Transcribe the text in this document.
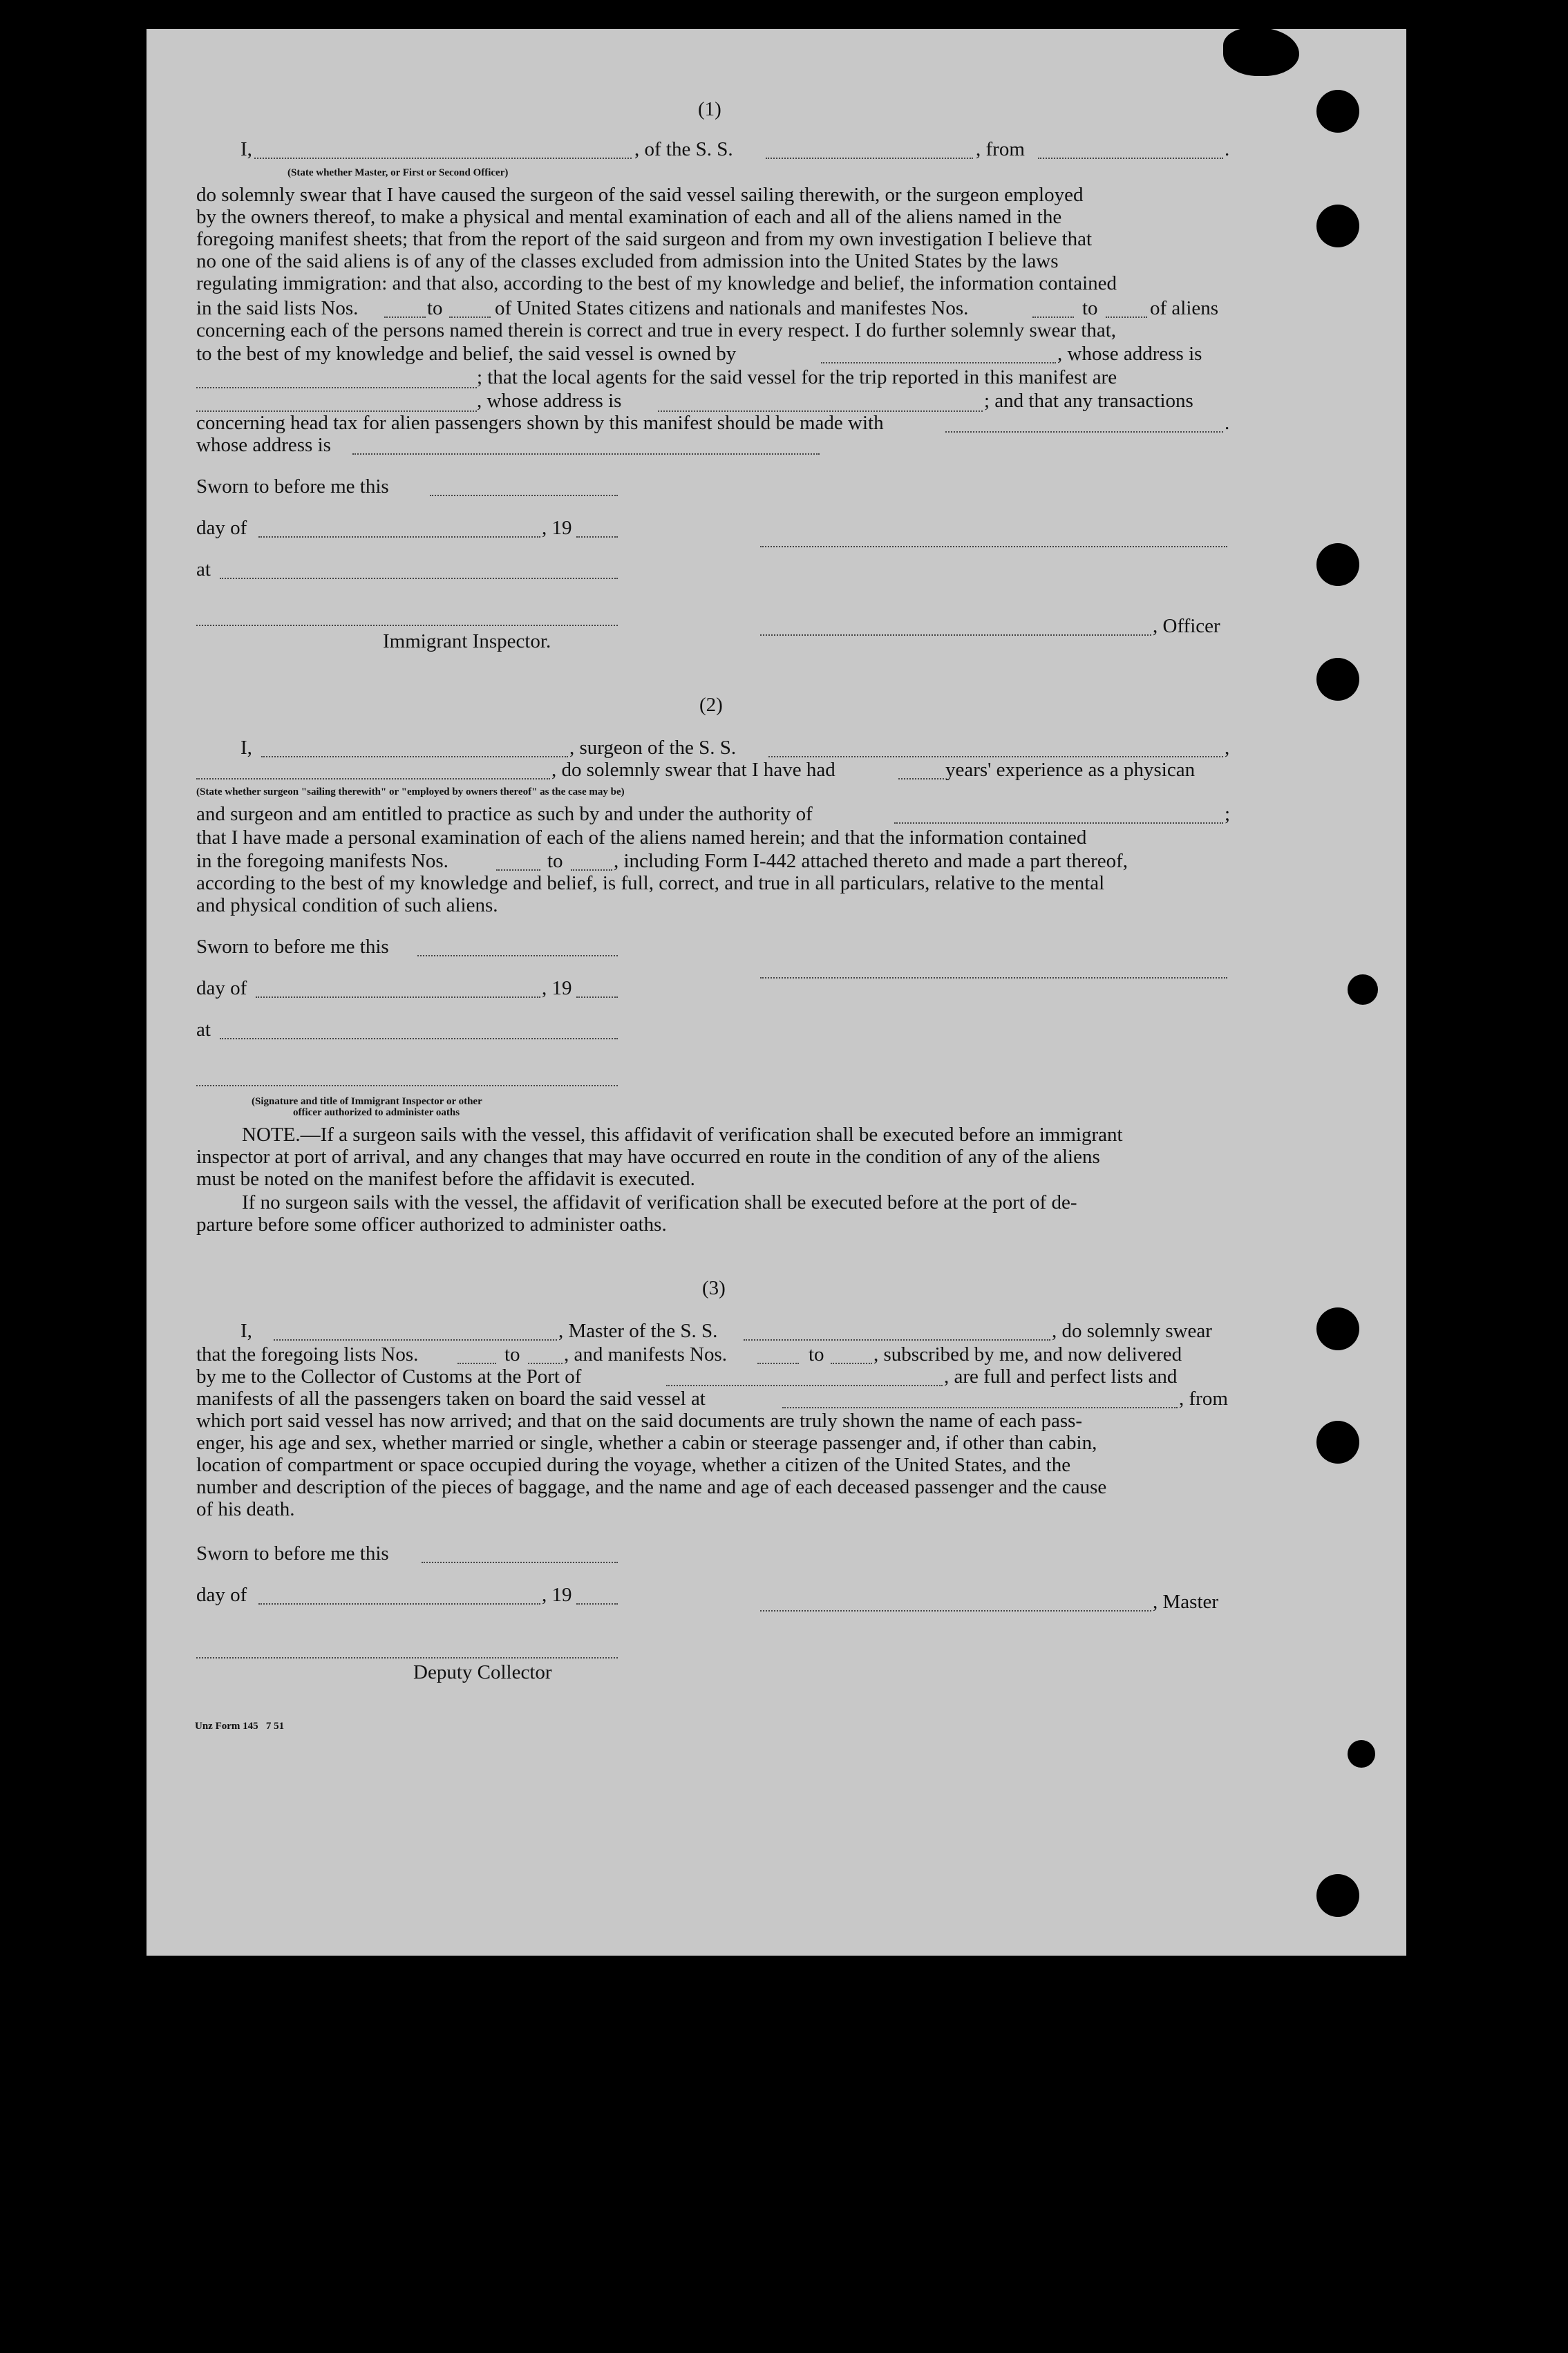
(1)
I,	, of the S. S.	, from	.
(State whether Master, or First or Second Officer)
do solemnly swear that I have caused the surgeon of the said vessel sailing therewith, or the surgeon employed
by the owners thereof, to make a physical and mental examination of each and all of the aliens named in the
foregoing manifest sheets; that from the report of the said surgeon and from my own investigation I believe that
no one of the said aliens is of any of the classes excluded from admission into the United States by the laws
regulating immigration: and that also, according to the best of my knowledge and belief, the information contained
in the said lists Nos.	to	of United States citizens and nationals and manifestes Nos.	to	of aliens
concerning each of the persons named therein is correct and true in every respect. I do further solemnly swear that,
to the best of my knowledge and belief, the said vessel is owned by	, whose address is
; that the local agents for the said vessel for the trip reported in this manifest are
, whose address is	; and that any transactions
concerning head tax for alien passengers shown by this manifest should be made with	.
whose address is
Sworn to before me this
day of	, 19
at
, Officer
Immigrant Inspector.
(2)
I,	, surgeon of the S. S.	,
, do solemnly swear that I have had	years' experience as a physican
(State whether surgeon "sailing therewith" or "employed by owners thereof" as the case may be)
and surgeon and am entitled to practice as such by and under the authority of	;
that I have made a personal examination of each of the aliens named herein; and that the information contained
in the foregoing manifests Nos.	to	, including Form I-442 attached thereto and made a part thereof,
according to the best of my knowledge and belief, is full, correct, and true in all particulars, relative to the mental
and physical condition of such aliens.
Sworn to before me this
day of	, 19
at
(Signature and title of Immigrant Inspector or other
officer authorized to administer oaths
NOTE.—If a surgeon sails with the vessel, this affidavit of verification shall be executed before an immigrant
inspector at port of arrival, and any changes that may have occurred en route in the condition of any of the aliens
must be noted on the manifest before the affidavit is executed.
If no surgeon sails with the vessel, the affidavit of verification shall be executed before at the port of de-
parture before some officer authorized to administer oaths.
(3)
I,	, Master of the S. S.	, do solemnly swear
that the foregoing lists Nos.	to , and manifests Nos.	to , subscribed by me, and now delivered
by me to the Collector of Customs at the Port of	, are full and perfect lists and
manifests of all the passengers taken on board the said vessel at	, from
which port said vessel has now arrived; and that on the said documents are truly shown the name of each pass-
enger, his age and sex, whether married or single, whether a cabin or steerage passenger and, if other than cabin,
location of compartment or space occupied during the voyage, whether a citizen of the United States, and the
number and description of the pieces of baggage, and the name and age of each deceased passenger and the cause
of his death.
Sworn to before me this
day of	, 19	, Master
Deputy Collector
Unz Form 145   7 51
